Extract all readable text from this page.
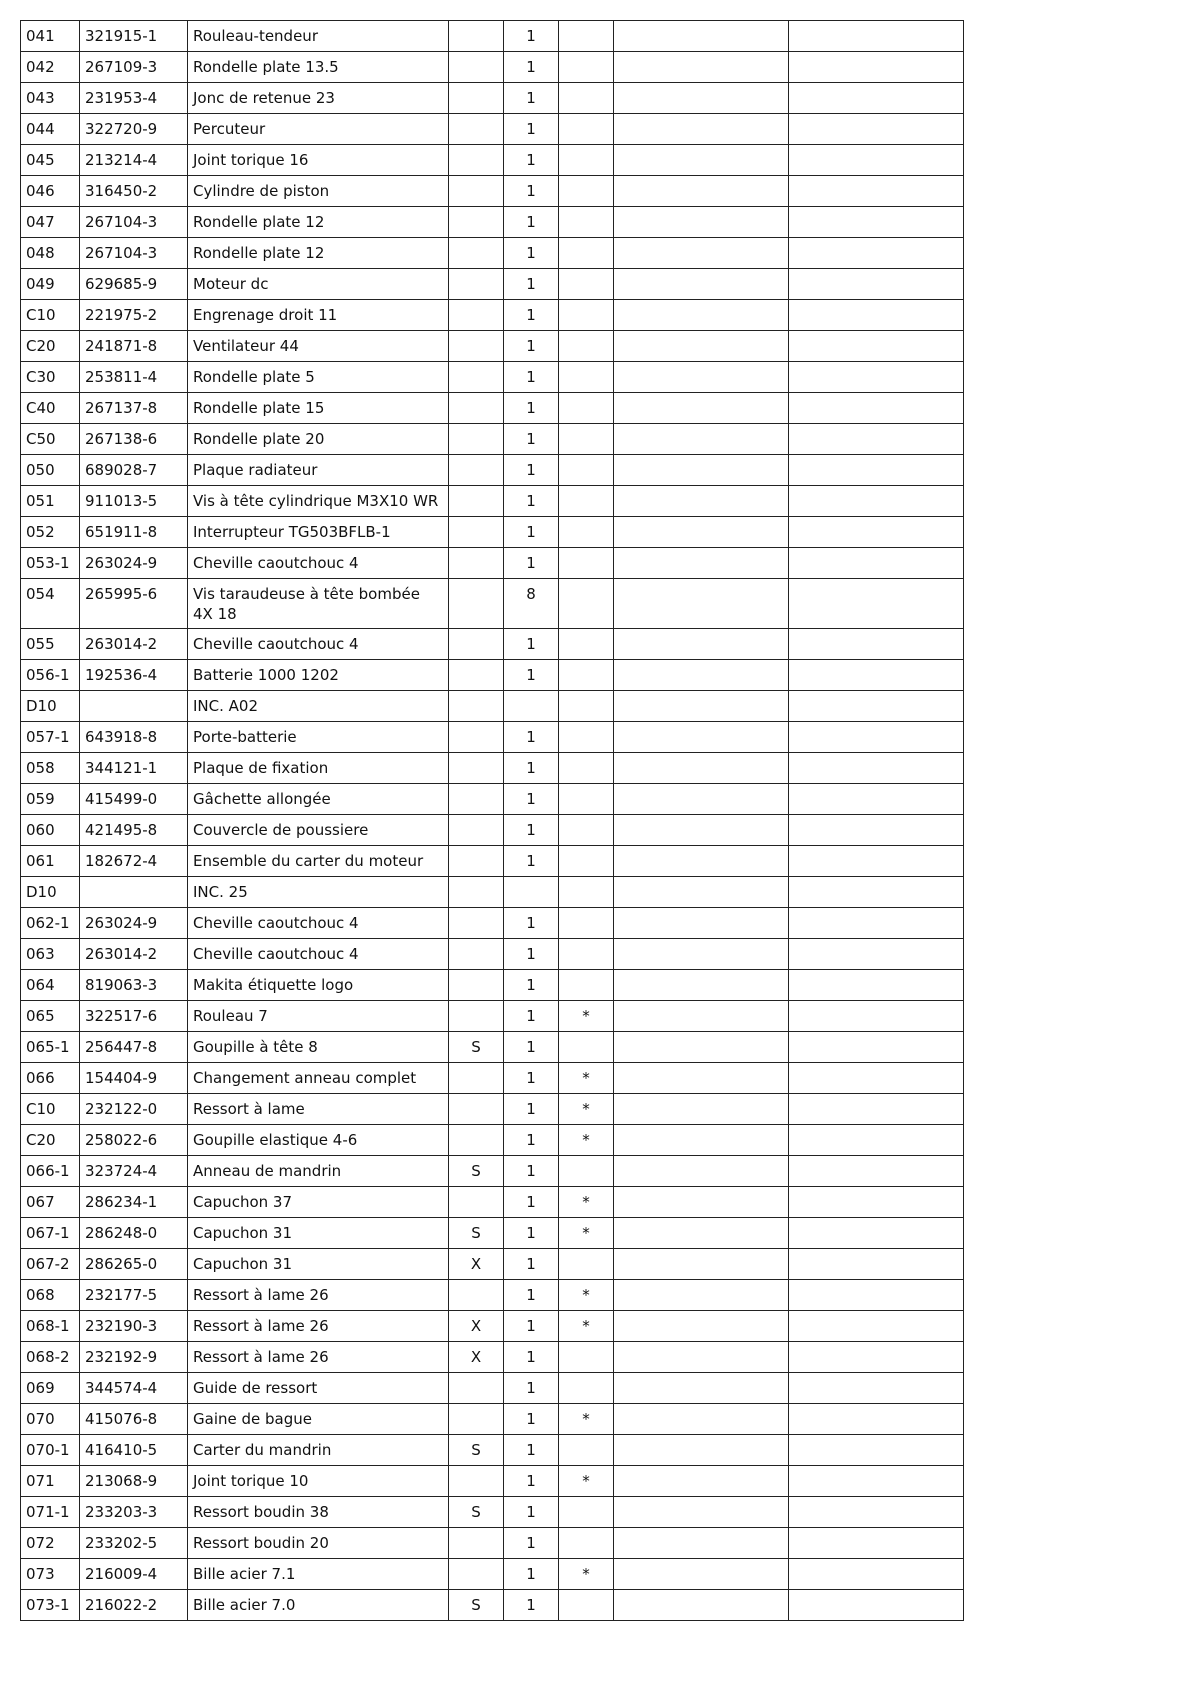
041	321915-1	Rouleau-tendeur		1			
042	267109-3	Rondelle plate 13.5		1			
043	231953-4	Jonc de retenue 23		1			
044	322720-9	Percuteur		1			
045	213214-4	Joint torique 16		1			
046	316450-2	Cylindre de piston		1			
047	267104-3	Rondelle plate 12		1			
048	267104-3	Rondelle plate 12		1			
049	629685-9	Moteur dc		1			
C10	221975-2	Engrenage droit 11		1			
C20	241871-8	Ventilateur 44		1			
C30	253811-4	Rondelle plate 5		1			
C40	267137-8	Rondelle plate 15		1			
C50	267138-6	Rondelle plate 20		1			
050	689028-7	Plaque radiateur		1			
051	911013-5	Vis à tête cylindrique M3X10 WR		1			
052	651911-8	Interrupteur TG503BFLB-1		1			
053-1	263024-9	Cheville caoutchouc 4		1			
054	265995-6	Vis taraudeuse à tête bombée 4X 18		8			
055	263014-2	Cheville caoutchouc 4		1			
056-1	192536-4	Batterie 1000 1202		1			
D10		INC. A02					
057-1	643918-8	Porte-batterie		1			
058	344121-1	Plaque de fixation		1			
059	415499-0	Gâchette allongée		1			
060	421495-8	Couvercle de poussiere		1			
061	182672-4	Ensemble du carter du moteur		1			
D10		INC. 25					
062-1	263024-9	Cheville caoutchouc 4		1			
063	263014-2	Cheville caoutchouc 4		1			
064	819063-3	Makita étiquette logo		1			
065	322517-6	Rouleau 7		1	*		
065-1	256447-8	Goupille à tête 8	S	1			
066	154404-9	Changement anneau complet		1	*		
C10	232122-0	Ressort à lame		1	*		
C20	258022-6	Goupille elastique 4-6		1	*		
066-1	323724-4	Anneau de mandrin	S	1			
067	286234-1	Capuchon 37		1	*		
067-1	286248-0	Capuchon 31	S	1	*		
067-2	286265-0	Capuchon 31	X	1			
068	232177-5	Ressort à lame 26		1	*		
068-1	232190-3	Ressort à lame 26	X	1	*		
068-2	232192-9	Ressort à lame 26	X	1			
069	344574-4	Guide de ressort		1			
070	415076-8	Gaine de bague		1	*		
070-1	416410-5	Carter du mandrin	S	1			
071	213068-9	Joint torique 10		1	*		
071-1	233203-3	Ressort boudin 38	S	1			
072	233202-5	Ressort boudin 20		1			
073	216009-4	Bille acier 7.1		1	*		
073-1	216022-2	Bille acier 7.0	S	1			
